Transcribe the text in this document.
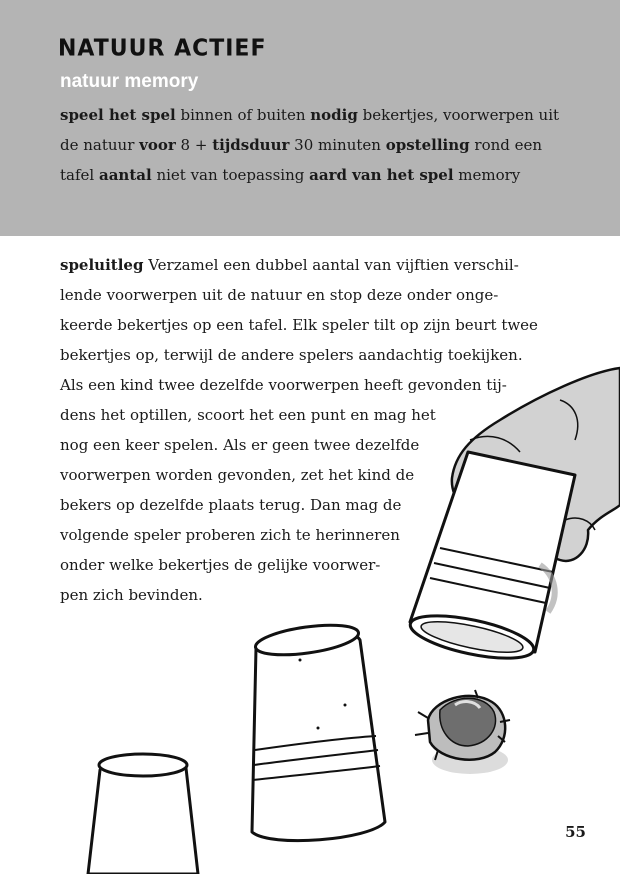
NATUUR ACTIEF
natuur memory
speel het spel binnen of buiten nodig bekertjes, voorwerpen uit de natuur voor 8 + tijdsduur 30 minuten opstelling rond een tafel aantal niet van toepassing aard van het spel memory
speluitleg Verzamel een dubbel aantal van vijftien verschil-
lende voorwerpen uit de natuur en stop deze onder onge-
keerde bekertjes op een tafel. Elk speler tilt op zijn beurt twee
bekertjes op, terwijl de andere spelers aandachtig toekijken.
Als een kind twee dezelfde voorwerpen heeft gevonden tij-
dens het optillen, scoort het een punt en mag het
nog een keer spelen. Als er geen twee dezelfde
voorwerpen worden gevonden, zet het kind de
bekers op dezelfde plaats terug. Dan mag de
volgende speler proberen zich te herinneren
onder welke bekertjes de gelijke voorwer-
pen zich bevinden.
55
